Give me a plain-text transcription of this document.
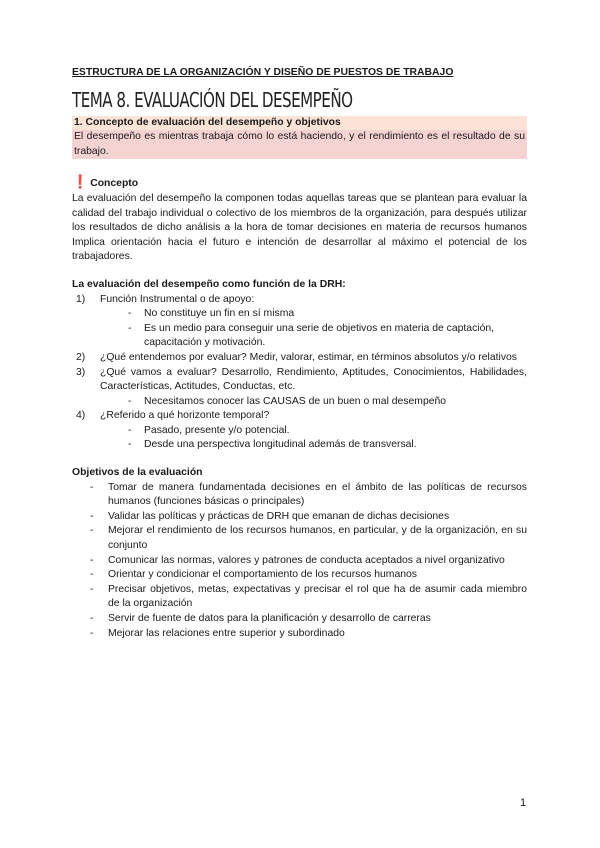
ESTRUCTURA DE LA ORGANIZACIÓN Y DISEÑO DE PUESTOS DE TRABAJO
TEMA 8. EVALUACIÓN DEL DESEMPEÑO
1. Concepto de evaluación del desempeño y objetivos
El desempeño es mientras trabaja cómo lo está haciendo, y el rendimiento es el resultado de su trabajo.
❗ Concepto
La evaluación del desempeño la componen todas aquellas tareas que se plantean para evaluar la calidad del trabajo individual o colectivo de los miembros de la organización, para después utilizar los resultados de dicho análisis a la hora de tomar decisiones en materia de recursos humanos Implica orientación hacia el futuro e intención de desarrollar al máximo el potencial de los trabajadores.
La evaluación del desempeño como función de la DRH:
1)	Función Instrumental o de apoyo:
-	No constituye un fin en sí misma
-	Es un medio para conseguir una serie de objetivos en materia de captación, capacitación y motivación.
2)	¿Qué entendemos por evaluar? Medir, valorar, estimar, en términos absolutos y/o relativos
3)	¿Qué vamos a evaluar? Desarrollo, Rendimiento, Aptitudes, Conocimientos, Habilidades, Características, Actitudes, Conductas, etc.
-	Necesitamos conocer las CAUSAS de un buen o mal desempeño
4)	¿Referido a qué horizonte temporal?
-	Pasado, presente y/o potencial.
-	Desde una perspectiva longitudinal además de transversal.
Objetivos de la evaluación
-	Tomar de manera fundamentada decisiones en el ámbito de las políticas de recursos humanos (funciones básicas o principales)
-	Validar las políticas y prácticas de DRH que emanan de dichas decisiones
-	Mejorar el rendimiento de los recursos humanos, en particular, y de la organización, en su conjunto
-	Comunicar las normas, valores y patrones de conducta aceptados a nivel organizativo
-	Orientar y condicionar el comportamiento de los recursos humanos
-	Precisar objetivos, metas, expectativas y precisar el rol que ha de asumir cada miembro de la organización
-	Servir de fuente de datos para la planificación y desarrollo de carreras
-	Mejorar las relaciones entre superior y subordinado
1
